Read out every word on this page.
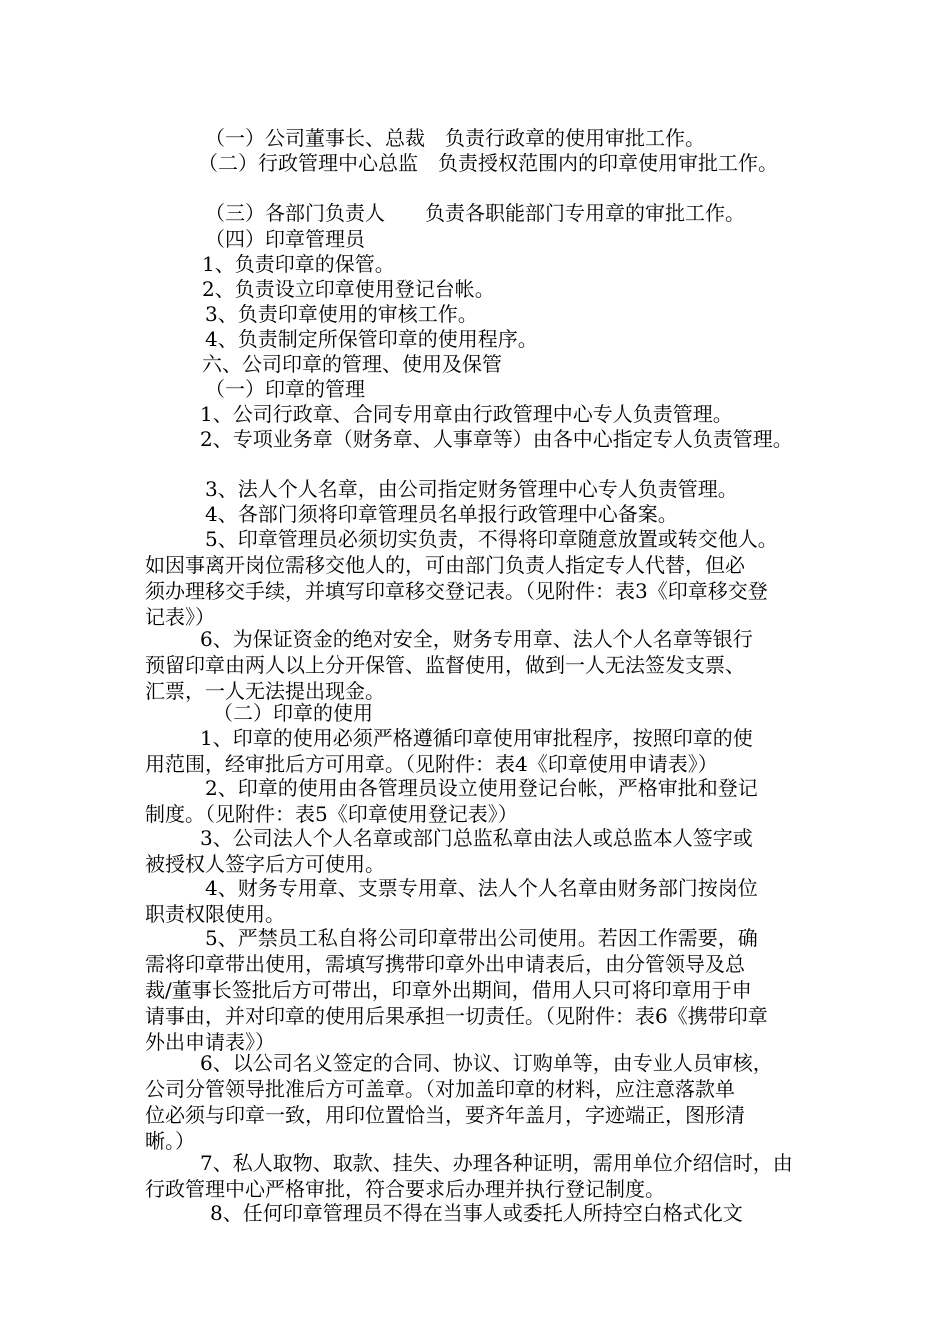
（一）公司董事长、总裁　负责行政章的使用审批工作。
（二）行政管理中心总监　负责授权范围内的印章使用审批工作。
（三）各部门负责人　　负责各职能部门专用章的审批工作。
（四）印章管理员
1、负责印章的保管。
2、负责设立印章使用登记台帐。
3、负责印章使用的审核工作。
4、负责制定所保管印章的使用程序。
六、公司印章的管理、使用及保管
（一）印章的管理
1、公司行政章、合同专用章由行政管理中心专人负责管理。
2、专项业务章（财务章、人事章等）由各中心指定专人负责管理。
3、法人个人名章，由公司指定财务管理中心专人负责管理。
4、各部门须将印章管理员名单报行政管理中心备案。
　5、印章管理员必须切实负责，不得将印章随意放置或转交他人。
如因事离开岗位需移交他人的，可由部门负责人指定专人代替，但必
须办理移交手续，并填写印章移交登记表。（见附件：表3《印章移交登
记表》）
6、为保证资金的绝对安全，财务专用章、法人个人名章等银行
预留印章由两人以上分开保管、监督使用，做到一人无法签发支票、
汇票，一人无法提出现金。
（二）印章的使用
1、印章的使用必须严格遵循印章使用审批程序，按照印章的使
用范围，经审批后方可用章。（见附件：表4《印章使用申请表》）
2、印章的使用由各管理员设立使用登记台帐，严格审批和登记
制度。（见附件：表5《印章使用登记表》）
3、公司法人个人名章或部门总监私章由法人或总监本人签字或
被授权人签字后方可使用。
4、财务专用章、支票专用章、法人个人名章由财务部门按岗位
职责权限使用。
5、严禁员工私自将公司印章带出公司使用。若因工作需要，确
需将印章带出使用，需填写携带印章外出申请表后，由分管领导及总
裁/董事长签批后方可带出，印章外出期间，借用人只可将印章用于申
请事由，并对印章的使用后果承担一切责任。（见附件：表6《携带印章
外出申请表》）
6、以公司名义签定的合同、协议、订购单等，由专业人员审核，
公司分管领导批准后方可盖章。（对加盖印章的材料，应注意落款单
位必须与印章一致，用印位置恰当，要齐年盖月，字迹端正，图形清
晰。）
7、私人取物、取款、挂失、办理各种证明，需用单位介绍信时，由
行政管理中心严格审批，符合要求后办理并执行登记制度。
8、任何印章管理员不得在当事人或委托人所持空白格式化文
